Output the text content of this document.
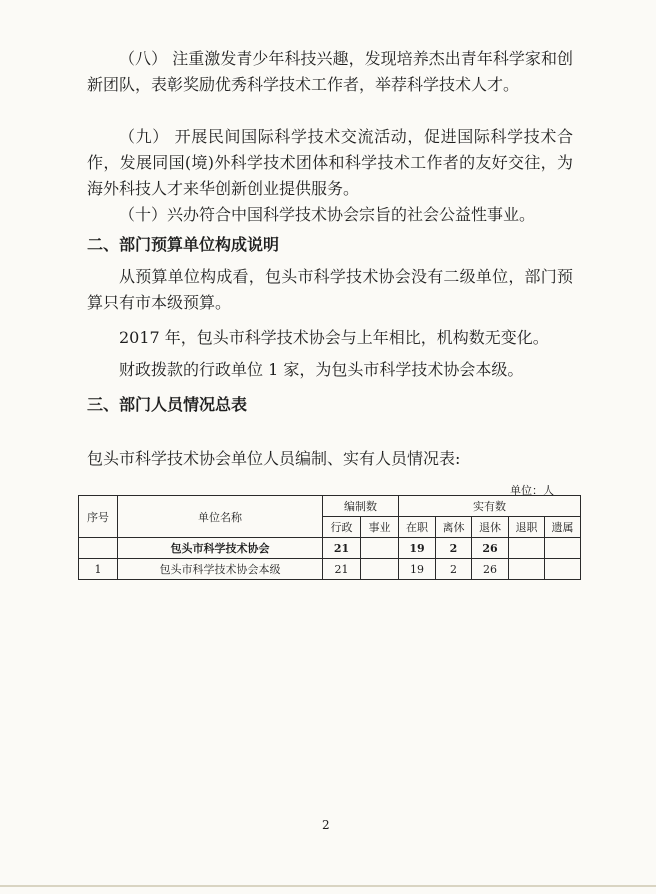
（八） 注重激发青少年科技兴趣，发现培养杰出青年科学家和创新团队，表彰奖励优秀科学技术工作者，举荐科学技术人才。
（九） 开展民间国际科学技术交流活动，促进国际科学技术合作，发展同国(境)外科学技术团体和科学技术工作者的友好交往，为海外科技人才来华创新创业提供服务。
（十）兴办符合中国科学技术协会宗旨的社会公益性事业。
二、部门预算单位构成说明
从预算单位构成看，包头市科学技术协会没有二级单位，部门预算只有市本级预算。
2017 年，包头市科学技术协会与上年相比，机构数无变化。
财政拨款的行政单位 1 家，为包头市科学技术协会本级。
三、部门人员情况总表
包头市科学技术协会单位人员编制、实有人员情况表:
单位：人
序号	单位名称	编制数		实有数				
		行政	事业	在职	离休	退休	退职	遗属
	包头市科学技术协会	21		19	2	26		
1	包头市科学技术协会本级	21		19	2	26		
2
